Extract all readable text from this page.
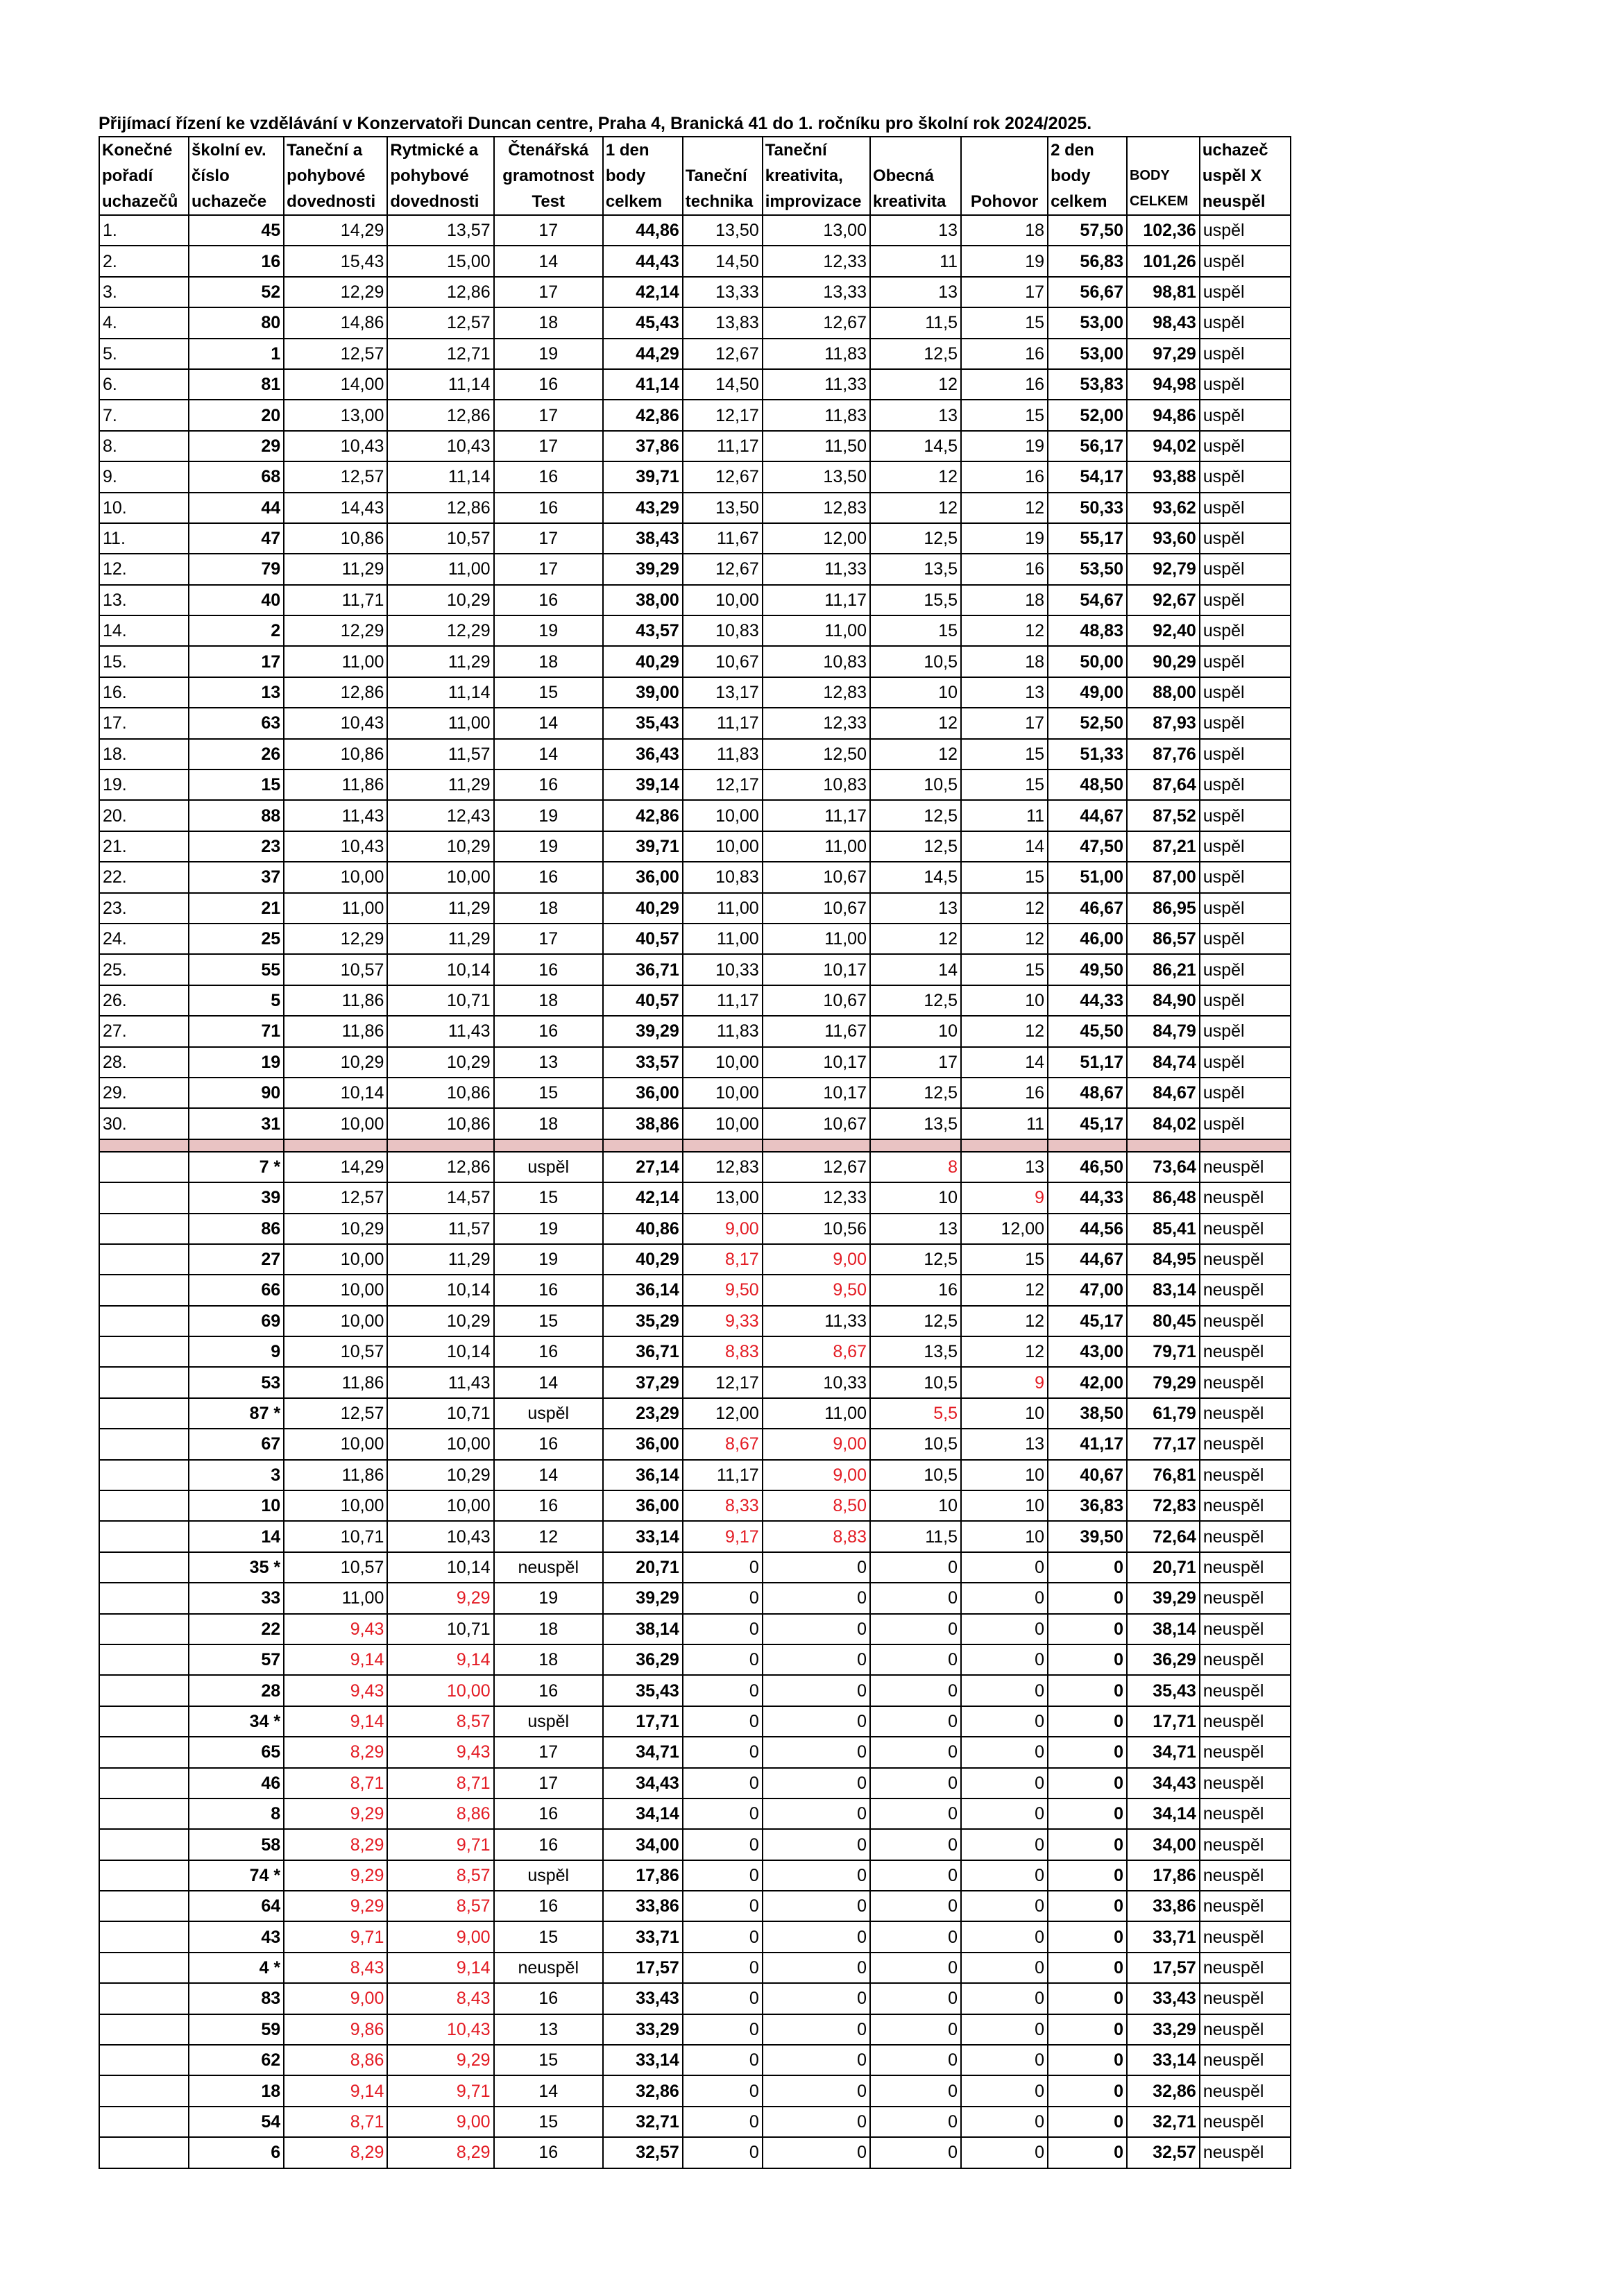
Přijímací řízení ke vzdělávání v Konzervatoři Duncan centre, Praha 4, Branická 41 do 1. ročníku pro školní rok 2024/2025.
Konečné pořadí uchazečů	školní ev. číslo uchazeče	Taneční a pohybové dovednosti	Rytmické a pohybové dovednosti	Čtenářská gramotnost Test	1 den body celkem	Taneční technika	Taneční kreativita, improvizace	Obecná kreativita	Pohovor	2 den body celkem	BODY CELKEM	uchazeč uspěl X neuspěl
1.	45	14,29	13,57	17	44,86	13,50	13,00	13	18	57,50	102,36	uspěl
2.	16	15,43	15,00	14	44,43	14,50	12,33	11	19	56,83	101,26	uspěl
3.	52	12,29	12,86	17	42,14	13,33	13,33	13	17	56,67	98,81	uspěl
4.	80	14,86	12,57	18	45,43	13,83	12,67	11,5	15	53,00	98,43	uspěl
5.	1	12,57	12,71	19	44,29	12,67	11,83	12,5	16	53,00	97,29	uspěl
6.	81	14,00	11,14	16	41,14	14,50	11,33	12	16	53,83	94,98	uspěl
7.	20	13,00	12,86	17	42,86	12,17	11,83	13	15	52,00	94,86	uspěl
8.	29	10,43	10,43	17	37,86	11,17	11,50	14,5	19	56,17	94,02	uspěl
9.	68	12,57	11,14	16	39,71	12,67	13,50	12	16	54,17	93,88	uspěl
10.	44	14,43	12,86	16	43,29	13,50	12,83	12	12	50,33	93,62	uspěl
11.	47	10,86	10,57	17	38,43	11,67	12,00	12,5	19	55,17	93,60	uspěl
12.	79	11,29	11,00	17	39,29	12,67	11,33	13,5	16	53,50	92,79	uspěl
13.	40	11,71	10,29	16	38,00	10,00	11,17	15,5	18	54,67	92,67	uspěl
14.	2	12,29	12,29	19	43,57	10,83	11,00	15	12	48,83	92,40	uspěl
15.	17	11,00	11,29	18	40,29	10,67	10,83	10,5	18	50,00	90,29	uspěl
16.	13	12,86	11,14	15	39,00	13,17	12,83	10	13	49,00	88,00	uspěl
17.	63	10,43	11,00	14	35,43	11,17	12,33	12	17	52,50	87,93	uspěl
18.	26	10,86	11,57	14	36,43	11,83	12,50	12	15	51,33	87,76	uspěl
19.	15	11,86	11,29	16	39,14	12,17	10,83	10,5	15	48,50	87,64	uspěl
20.	88	11,43	12,43	19	42,86	10,00	11,17	12,5	11	44,67	87,52	uspěl
21.	23	10,43	10,29	19	39,71	10,00	11,00	12,5	14	47,50	87,21	uspěl
22.	37	10,00	10,00	16	36,00	10,83	10,67	14,5	15	51,00	87,00	uspěl
23.	21	11,00	11,29	18	40,29	11,00	10,67	13	12	46,67	86,95	uspěl
24.	25	12,29	11,29	17	40,57	11,00	11,00	12	12	46,00	86,57	uspěl
25.	55	10,57	10,14	16	36,71	10,33	10,17	14	15	49,50	86,21	uspěl
26.	5	11,86	10,71	18	40,57	11,17	10,67	12,5	10	44,33	84,90	uspěl
27.	71	11,86	11,43	16	39,29	11,83	11,67	10	12	45,50	84,79	uspěl
28.	19	10,29	10,29	13	33,57	10,00	10,17	17	14	51,17	84,74	uspěl
29.	90	10,14	10,86	15	36,00	10,00	10,17	12,5	16	48,67	84,67	uspěl
30.	31	10,00	10,86	18	38,86	10,00	10,67	13,5	11	45,17	84,02	uspěl

	7 *	14,29	12,86	uspěl	27,14	12,83	12,67	8	13	46,50	73,64	neuspěl
	39	12,57	14,57	15	42,14	13,00	12,33	10	9	44,33	86,48	neuspěl
	86	10,29	11,57	19	40,86	9,00	10,56	13	12,00	44,56	85,41	neuspěl
	27	10,00	11,29	19	40,29	8,17	9,00	12,5	15	44,67	84,95	neuspěl
	66	10,00	10,14	16	36,14	9,50	9,50	16	12	47,00	83,14	neuspěl
	69	10,00	10,29	15	35,29	9,33	11,33	12,5	12	45,17	80,45	neuspěl
	9	10,57	10,14	16	36,71	8,83	8,67	13,5	12	43,00	79,71	neuspěl
	53	11,86	11,43	14	37,29	12,17	10,33	10,5	9	42,00	79,29	neuspěl
	87 *	12,57	10,71	uspěl	23,29	12,00	11,00	5,5	10	38,50	61,79	neuspěl
	67	10,00	10,00	16	36,00	8,67	9,00	10,5	13	41,17	77,17	neuspěl
	3	11,86	10,29	14	36,14	11,17	9,00	10,5	10	40,67	76,81	neuspěl
	10	10,00	10,00	16	36,00	8,33	8,50	10	10	36,83	72,83	neuspěl
	14	10,71	10,43	12	33,14	9,17	8,83	11,5	10	39,50	72,64	neuspěl
	35 *	10,57	10,14	neuspěl	20,71	0	0	0	0	0	20,71	neuspěl
	33	11,00	9,29	19	39,29	0	0	0	0	0	39,29	neuspěl
	22	9,43	10,71	18	38,14	0	0	0	0	0	38,14	neuspěl
	57	9,14	9,14	18	36,29	0	0	0	0	0	36,29	neuspěl
	28	9,43	10,00	16	35,43	0	0	0	0	0	35,43	neuspěl
	34 *	9,14	8,57	uspěl	17,71	0	0	0	0	0	17,71	neuspěl
	65	8,29	9,43	17	34,71	0	0	0	0	0	34,71	neuspěl
	46	8,71	8,71	17	34,43	0	0	0	0	0	34,43	neuspěl
	8	9,29	8,86	16	34,14	0	0	0	0	0	34,14	neuspěl
	58	8,29	9,71	16	34,00	0	0	0	0	0	34,00	neuspěl
	74 *	9,29	8,57	uspěl	17,86	0	0	0	0	0	17,86	neuspěl
	64	9,29	8,57	16	33,86	0	0	0	0	0	33,86	neuspěl
	43	9,71	9,00	15	33,71	0	0	0	0	0	33,71	neuspěl
	4 *	8,43	9,14	neuspěl	17,57	0	0	0	0	0	17,57	neuspěl
	83	9,00	8,43	16	33,43	0	0	0	0	0	33,43	neuspěl
	59	9,86	10,43	13	33,29	0	0	0	0	0	33,29	neuspěl
	62	8,86	9,29	15	33,14	0	0	0	0	0	33,14	neuspěl
	18	9,14	9,71	14	32,86	0	0	0	0	0	32,86	neuspěl
	54	8,71	9,00	15	32,71	0	0	0	0	0	32,71	neuspěl
	6	8,29	8,29	16	32,57	0	0	0	0	0	32,57	neuspěl
